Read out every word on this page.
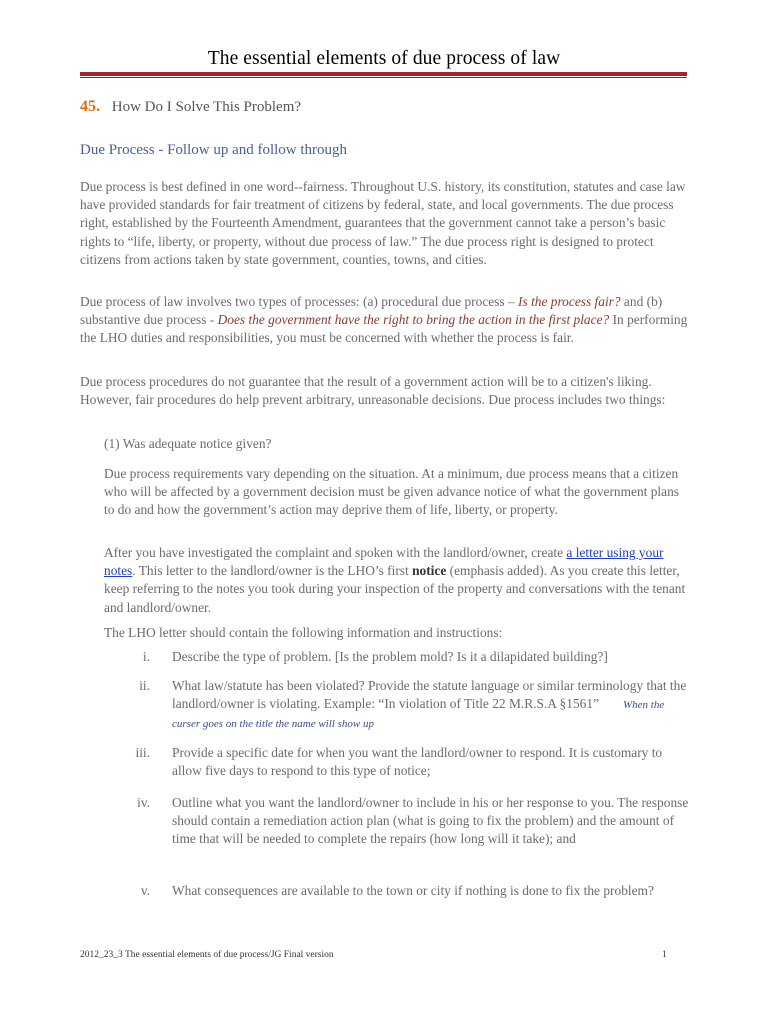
The essential elements of due process of law
45. How Do I Solve This Problem?
Due Process - Follow up and follow through
Due process is best defined in one word--fairness. Throughout U.S. history, its constitution, statutes and case law have provided standards for fair treatment of citizens by federal, state, and local governments. The due process right, established by the Fourteenth Amendment, guarantees that the government cannot take a person’s basic rights to “life, liberty, or property, without due process of law.” The due process right is designed to protect citizens from actions taken by state government, counties, towns, and cities.
Due process of law involves two types of processes: (a) procedural due process – Is the process fair? and (b) substantive due process - Does the government have the right to bring the action in the first place? In performing the LHO duties and responsibilities, you must be concerned with whether the process is fair.
Due process procedures do not guarantee that the result of a government action will be to a citizen's liking. However, fair procedures do help prevent arbitrary, unreasonable decisions. Due process includes two things:
(1) Was adequate notice given?
Due process requirements vary depending on the situation. At a minimum, due process means that a citizen who will be affected by a government decision must be given advance notice of what the government plans to do and how the government’s action may deprive them of life, liberty, or property.
After you have investigated the complaint and spoken with the landlord/owner, create a letter using your notes. This letter to the landlord/owner is the LHO’s first notice (emphasis added). As you create this letter, keep referring to the notes you took during your inspection of the property and conversations with the tenant and landlord/owner.
The LHO letter should contain the following information and instructions:
i. Describe the type of problem. [Is the problem mold? Is it a dilapidated building?]
ii. What law/statute has been violated? Provide the statute language or similar terminology that the landlord/owner is violating. Example: “In violation of Title 22 M.R.S.A §1561” When the curser goes on the title the name will show up
iii. Provide a specific date for when you want the landlord/owner to respond. It is customary to allow five days to respond to this type of notice;
iv. Outline what you want the landlord/owner to include in his or her response to you. The response should contain a remediation action plan (what is going to fix the problem) and the amount of time that will be needed to complete the repairs (how long will it take); and
v. What consequences are available to the town or city if nothing is done to fix the problem?
2012_23_3 The essential elements of due process/JG Final version	1
